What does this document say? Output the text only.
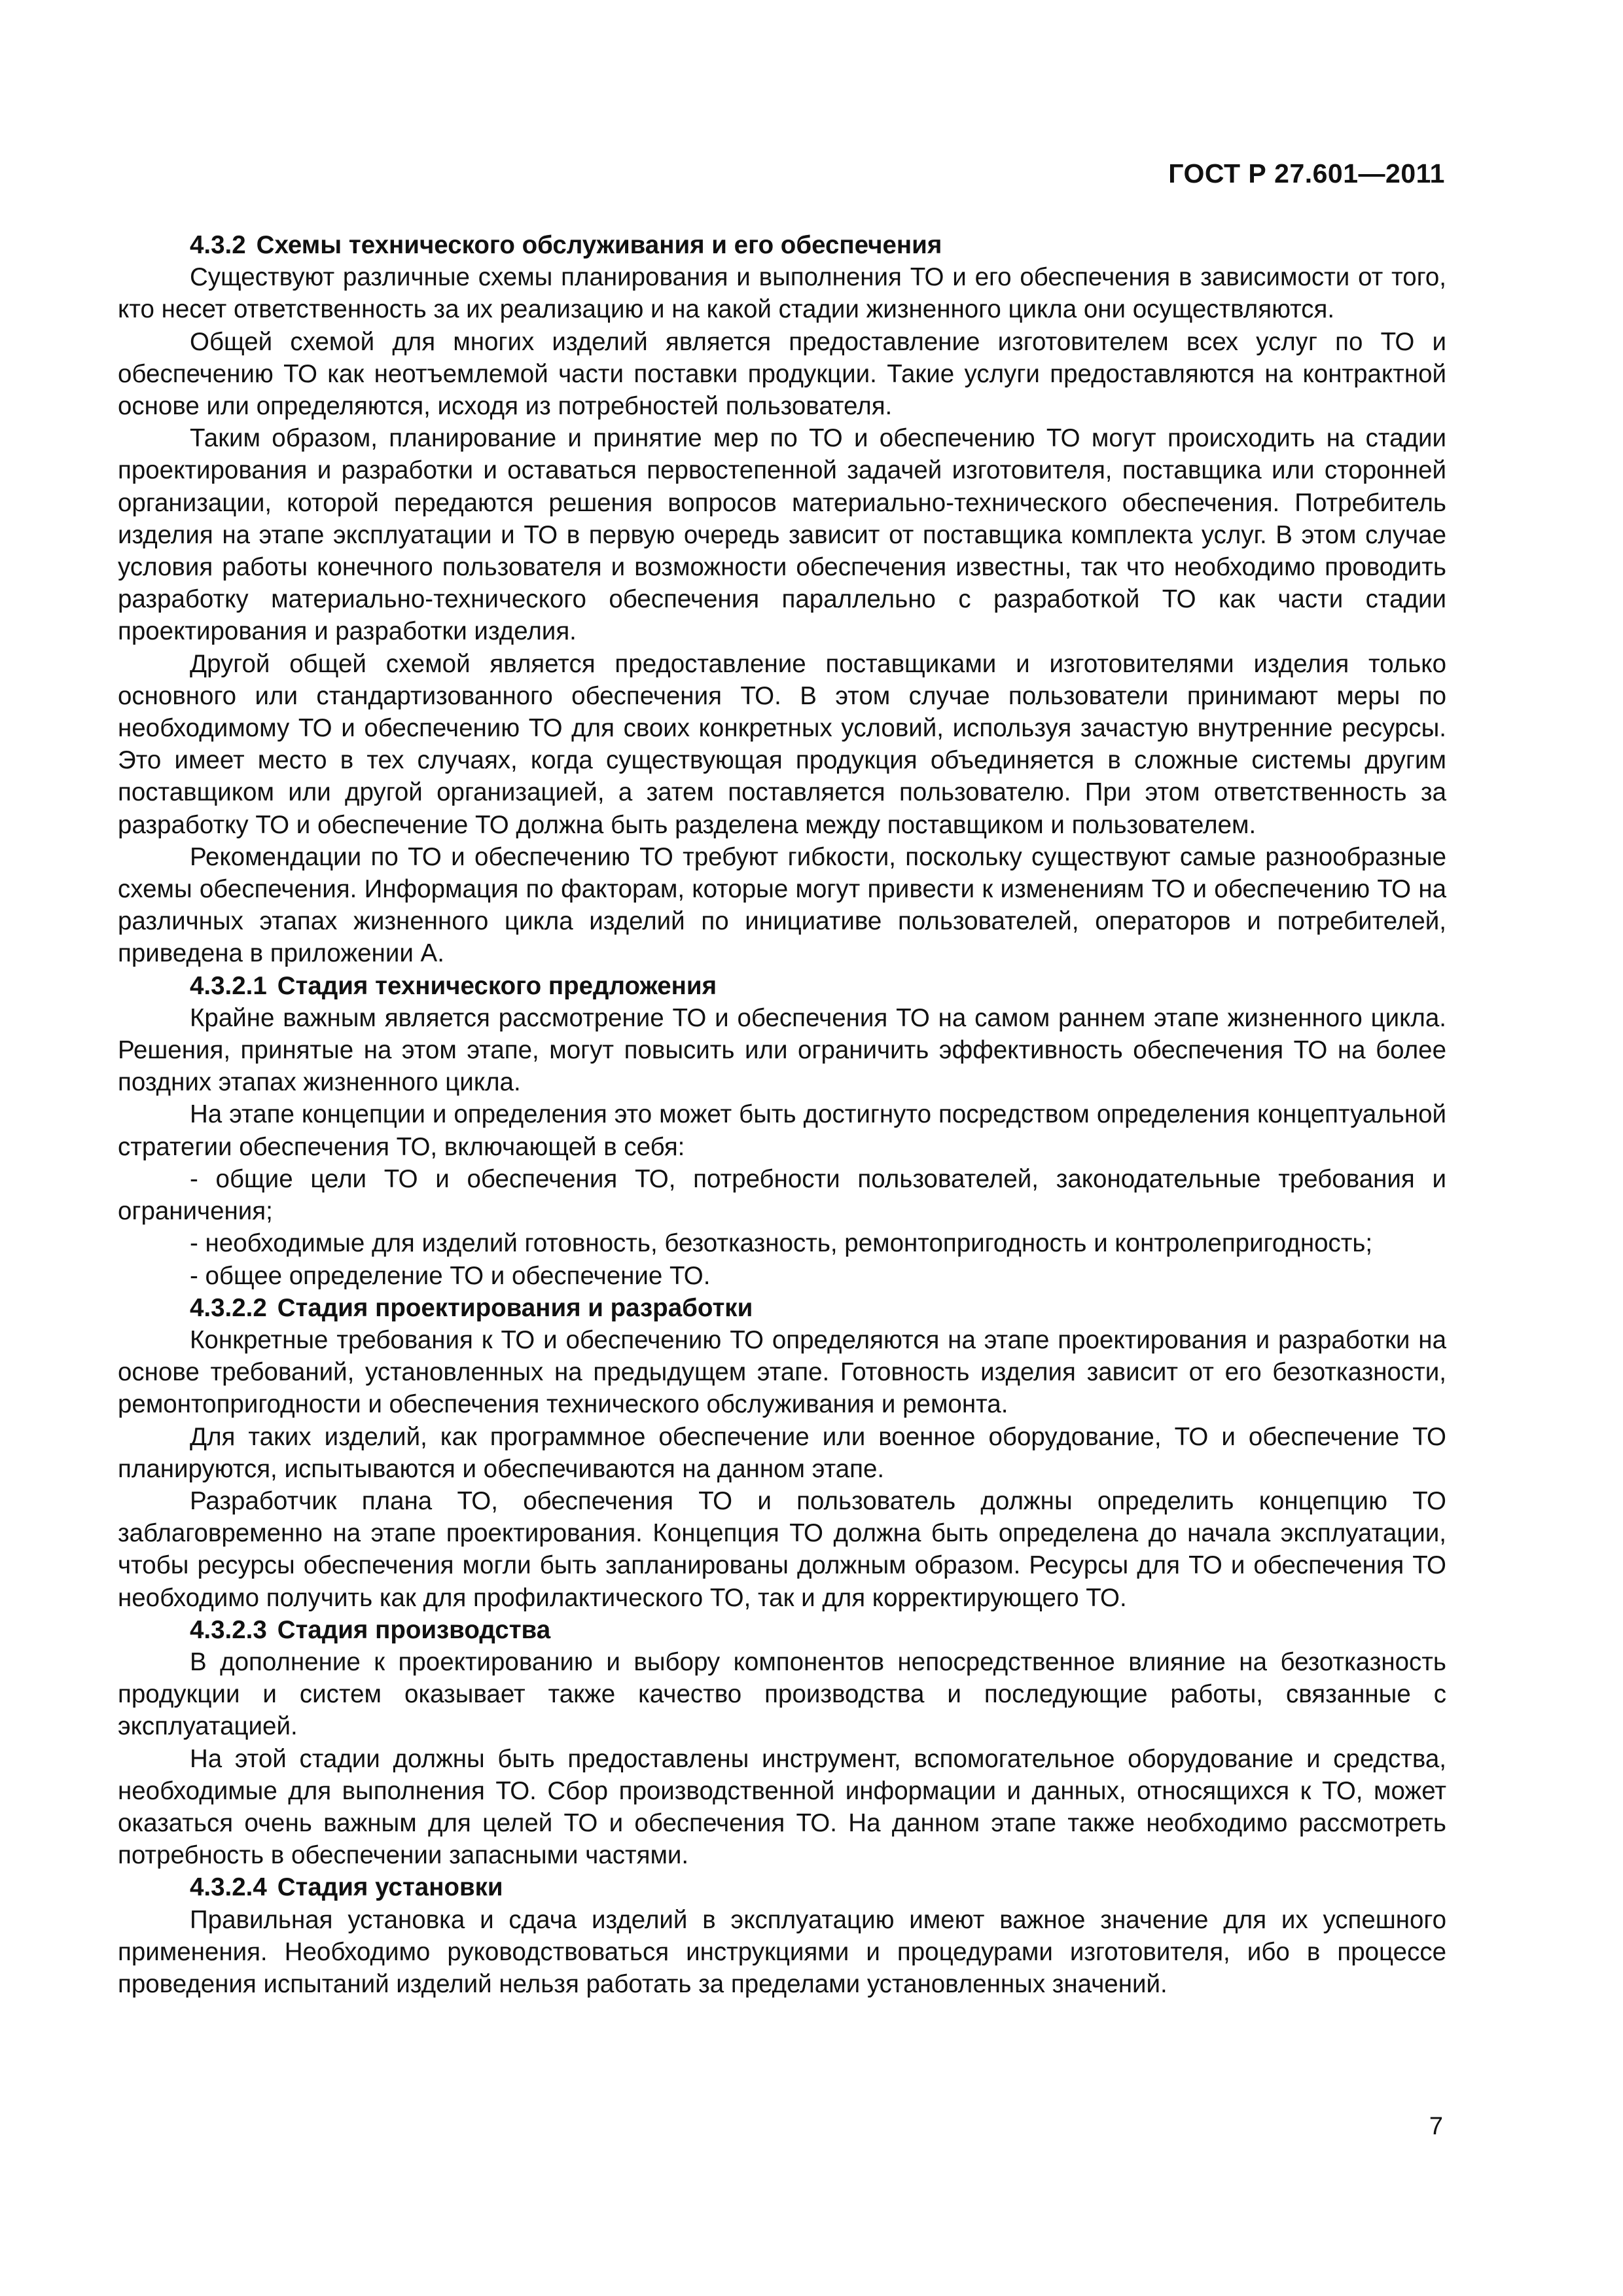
ГОСТ Р 27.601—2011
4.3.2 Схемы технического обслуживания и его обеспечения

Существуют различные схемы планирования и выполнения ТО и его обеспечения в зависимости от того, кто несет ответственность за их реализацию и на какой стадии жизненного цикла они осуществляются.

Общей схемой для многих изделий является предоставление изготовителем всех услуг по ТО и обеспечению ТО как неотъемлемой части поставки продукции. Такие услуги предоставляются на контрактной основе или определяются, исходя из потребностей пользователя.

Таким образом, планирование и принятие мер по ТО и обеспечению ТО могут происходить на стадии проектирования и разработки и оставаться первостепенной задачей изготовителя, поставщика или сторонней организации, которой передаются решения вопросов материально-технического обеспечения. Потребитель изделия на этапе эксплуатации и ТО в первую очередь зависит от поставщика комплекта услуг. В этом случае условия работы конечного пользователя и возможности обеспечения известны, так что необходимо проводить разработку материально-технического обеспечения параллельно с разработкой ТО как части стадии проектирования и разработки изделия.

Другой общей схемой является предоставление поставщиками и изготовителями изделия только основного или стандартизованного обеспечения ТО. В этом случае пользователи принимают меры по необходимому ТО и обеспечению ТО для своих конкретных условий, используя зачастую внутренние ресурсы. Это имеет место в тех случаях, когда существующая продукция объединяется в сложные системы другим поставщиком или другой организацией, а затем поставляется пользователю. При этом ответственность за разработку ТО и обеспечение ТО должна быть разделена между поставщиком и пользователем.

Рекомендации по ТО и обеспечению ТО требуют гибкости, поскольку существуют самые разнообразные схемы обеспечения. Информация по факторам, которые могут привести к изменениям ТО и обеспечению ТО на различных этапах жизненного цикла изделий по инициативе пользователей, операторов и потребителей, приведена в приложении А.

4.3.2.1 Стадия технического предложения

Крайне важным является рассмотрение ТО и обеспечения ТО на самом раннем этапе жизненного цикла. Решения, принятые на этом этапе, могут повысить или ограничить эффективность обеспечения ТО на более поздних этапах жизненного цикла.

На этапе концепции и определения это может быть достигнуто посредством определения концептуальной стратегии обеспечения ТО, включающей в себя:

- общие цели ТО и обеспечения ТО, потребности пользователей, законодательные требования и ограничения;

- необходимые для изделий готовность, безотказность, ремонтопригодность и контролепригодность;

- общее определение ТО и обеспечение ТО.

4.3.2.2 Стадия проектирования и разработки

Конкретные требования к ТО и обеспечению ТО определяются на этапе проектирования и разработки на основе требований, установленных на предыдущем этапе. Готовность изделия зависит от его безотказности, ремонтопригодности и обеспечения технического обслуживания и ремонта.

Для таких изделий, как программное обеспечение или военное оборудование, ТО и обеспечение ТО планируются, испытываются и обеспечиваются на данном этапе.

Разработчик плана ТО, обеспечения ТО и пользователь должны определить концепцию ТО заблаговременно на этапе проектирования. Концепция ТО должна быть определена до начала эксплуатации, чтобы ресурсы обеспечения могли быть запланированы должным образом. Ресурсы для ТО и обеспечения ТО необходимо получить как для профилактического ТО, так и для корректирующего ТО.

4.3.2.3 Стадия производства

В дополнение к проектированию и выбору компонентов непосредственное влияние на безотказность продукции и систем оказывает также качество производства и последующие работы, связанные с эксплуатацией.

На этой стадии должны быть предоставлены инструмент, вспомогательное оборудование и средства, необходимые для выполнения ТО. Сбор производственной информации и данных, относящихся к ТО, может оказаться очень важным для целей ТО и обеспечения ТО. На данном этапе также необходимо рассмотреть потребность в обеспечении запасными частями.

4.3.2.4 Стадия установки

Правильная установка и сдача изделий в эксплуатацию имеют важное значение для их успешного применения. Необходимо руководствоваться инструкциями и процедурами изготовителя, ибо в процессе проведения испытаний изделий нельзя работать за пределами установленных значений.

7
